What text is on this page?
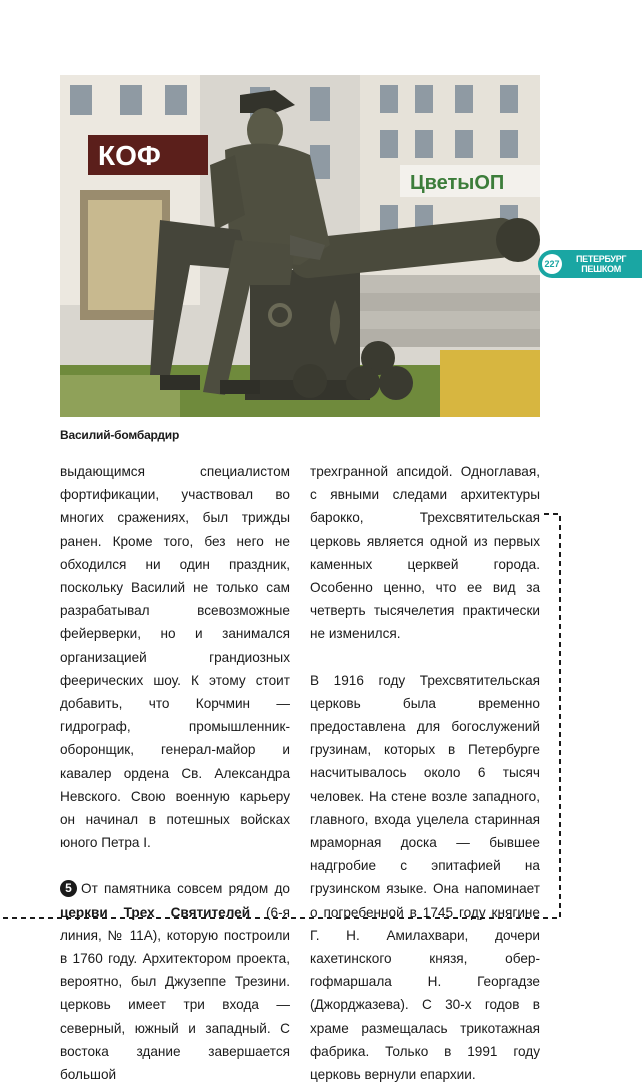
КОФ
ЦветыОП
Василий-бомбардир
227 ПЕТЕРБУРГ
ПЕШКОМ

выдающимся специалистом фортификации, участвовал во многих сражениях, был трижды ранен. Кроме того, без него не обходился ни один праздник, поскольку Василий не только сам разрабатывал всевозможные фейерверки, но и занимался организацией грандиозных феерических шоу. К этому стоит добавить, что Корчмин — гидрограф, промышленник-оборонщик, генерал-майор и кавалер ордена Св. Александра Невского. Свою военную карьеру он начинал в потешных войсках юного Петра I.

5 От памятника совсем рядом до церкви Трех Святителей (6-я линия, № 11А), которую построили в 1760 году. Архитектором проекта, вероятно, был Джузеппе Трезини. церковь имеет три входа — северный, южный и западный. С востока здание завершается большой

трехгранной апсидой. Одноглавая, с явными следами архитектуры барокко, Трехсвятительская церковь является одной из первых каменных церквей города. Особенно ценно, что ее вид за четверть тысячелетия практически не изменился.

В 1916 году Трехсвятительская церковь была временно предоставлена для богослужений грузинам, которых в Петербурге насчитывалось около 6 тысяч человек. На стене возле западного, главного, входа уцелела старинная мраморная доска — бывшее надгробие с эпитафией на грузинском языке. Она напоминает о погребенной в 1745 году княгине Г. Н. Амилахвари, дочери кахетинского князя, обер-гофмаршала Н. Георгадзе (Джорджазева). С 30-х годов в храме размещалась трикотажная фабрика. Только в 1991 году церковь вернули епархии.
